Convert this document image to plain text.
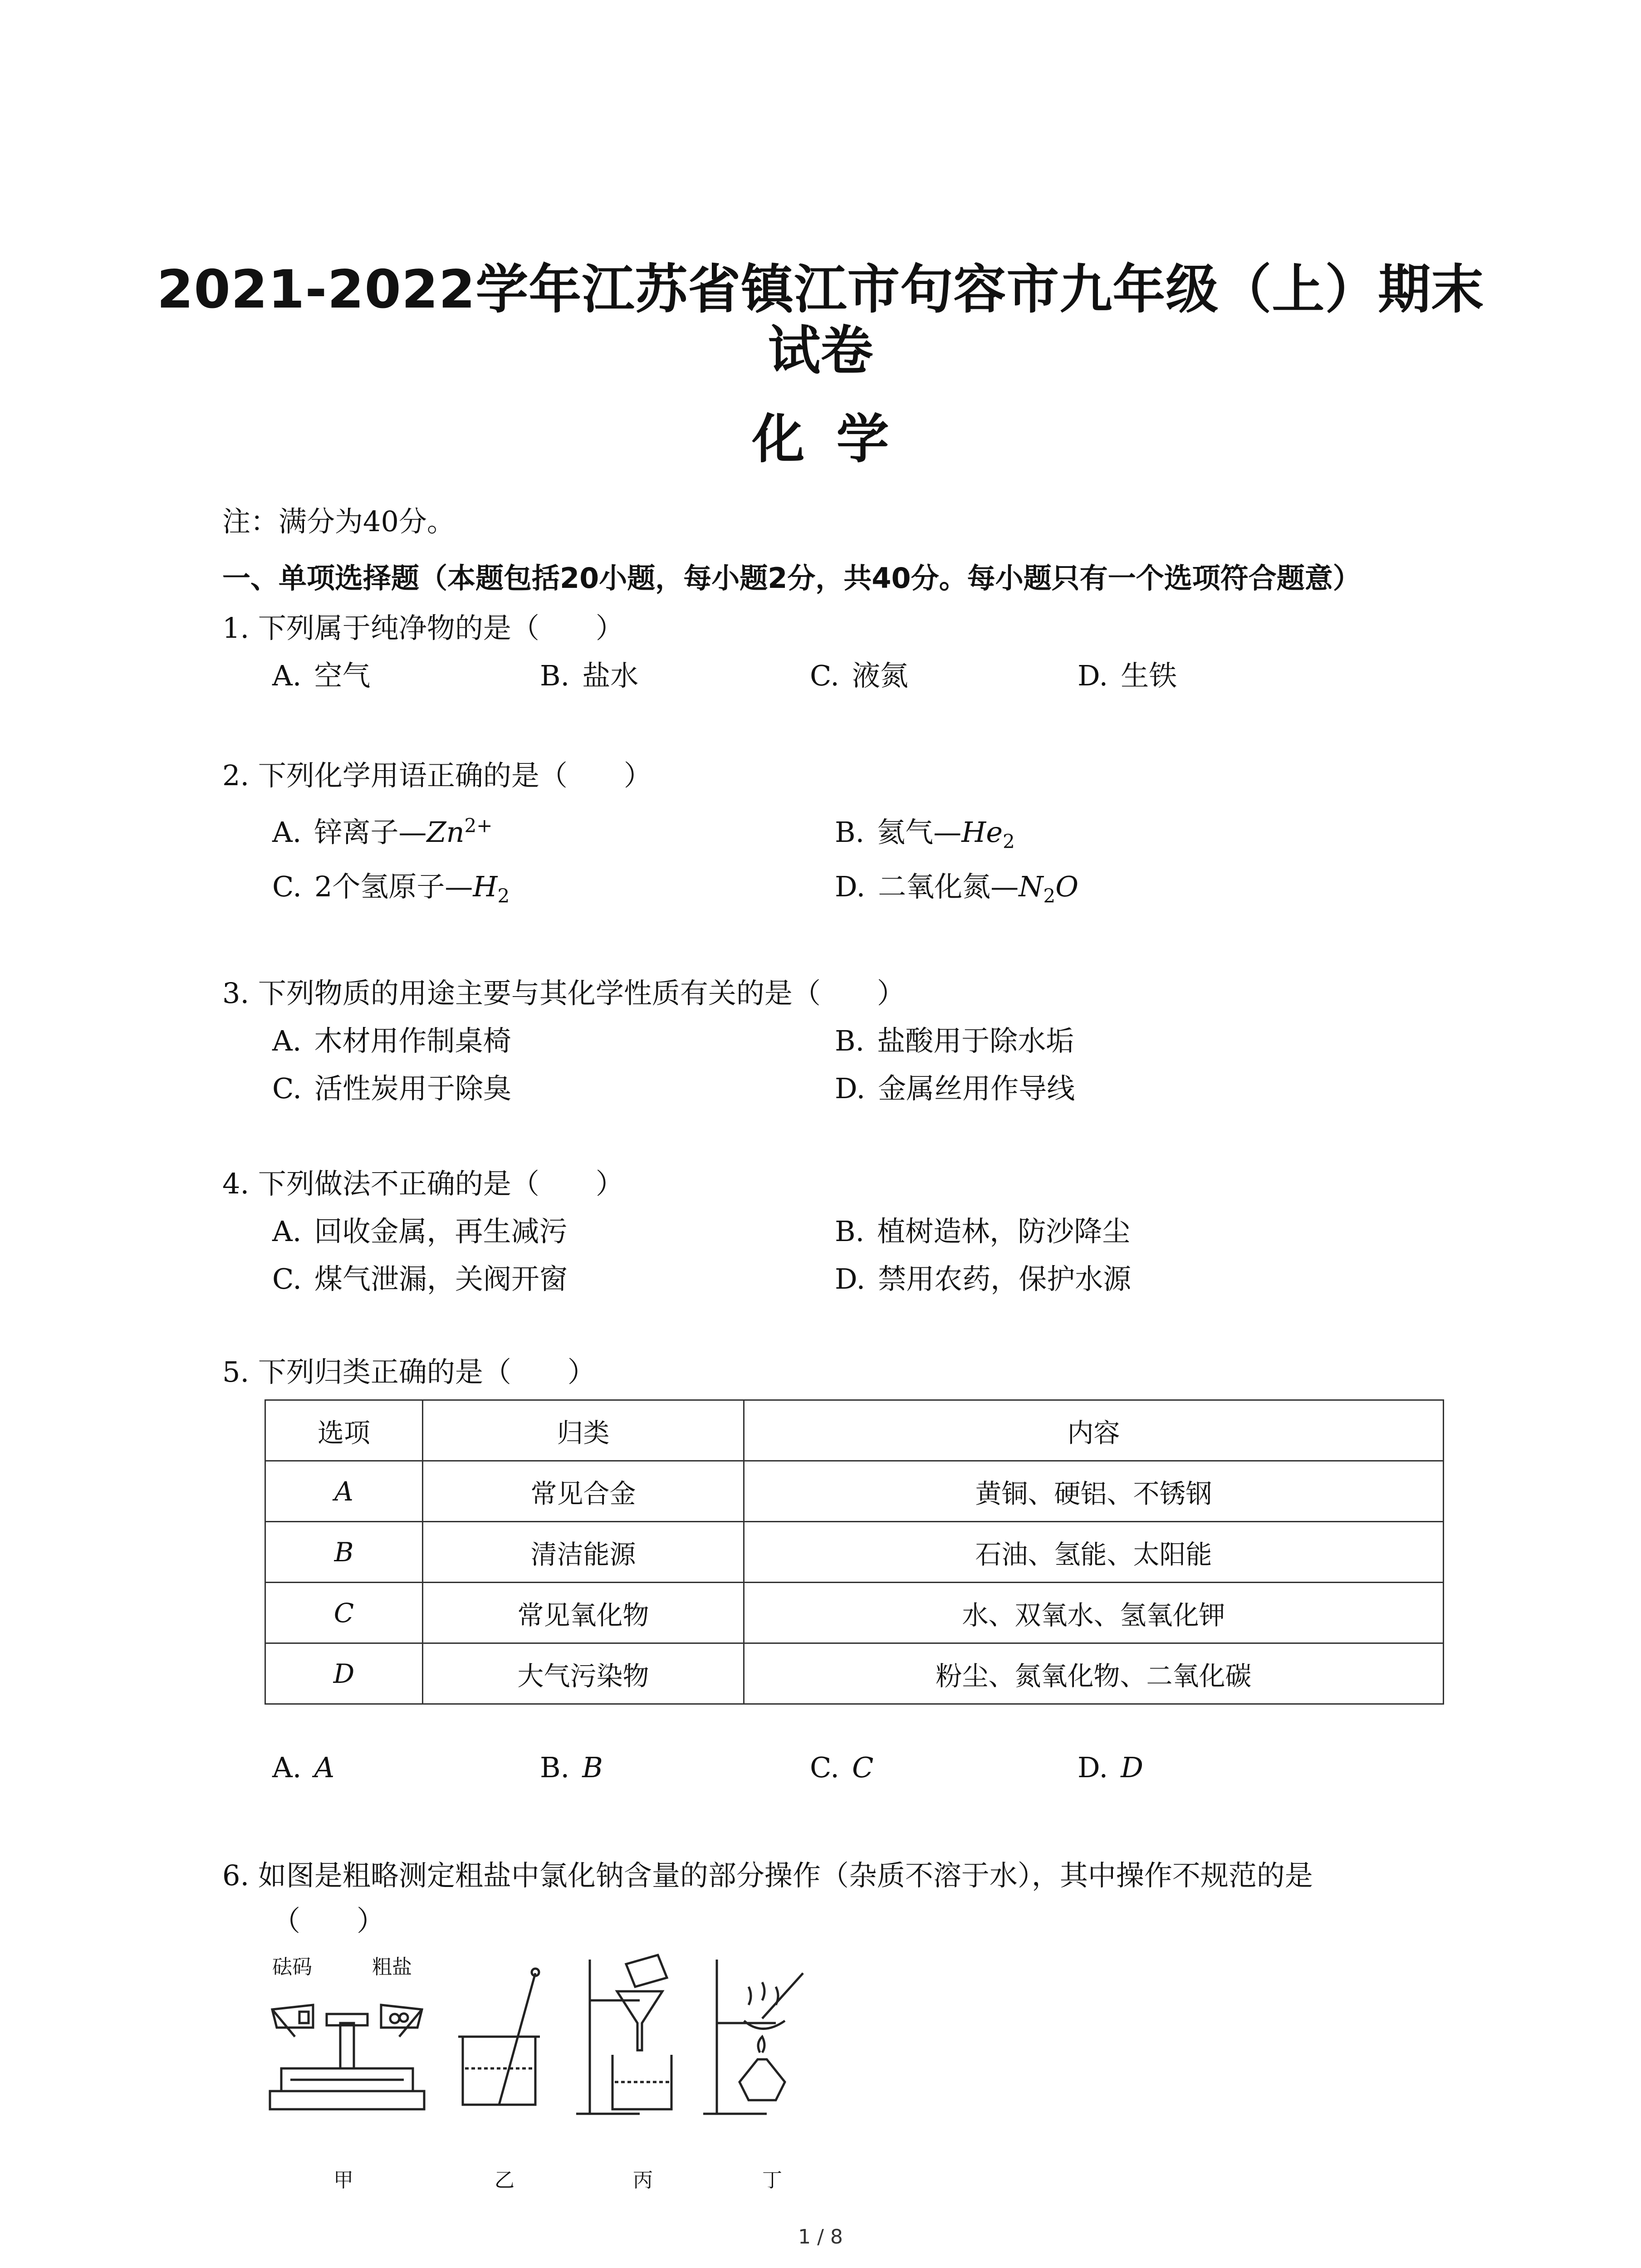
2021-2022学年江苏省镇江市句容市九年级（上）期末
试卷
化学
注：满分为40分。
一、单项选择题（本题包括20小题，每小题2分，共40分。每小题只有一个选项符合题意）
1. 下列属于纯净物的是（　　）
A. 空气	B. 盐水	C. 液氮	D. 生铁
2. 下列化学用语正确的是（　　）
A. 锌离子$—Zn^{2+}$	B. 氦气$—He_2$
C. 2个氢原子$—H_2$	D. 二氧化氮$—N_2O$
3. 下列物质的用途主要与其化学性质有关的是（　　）
A. 木材用作制桌椅	B. 盐酸用于除水垢
C. 活性炭用于除臭	D. 金属丝用作导线
4. 下列做法不正确的是（　　）
A. 回收金属，再生减污	B. 植树造林，防沙降尘
C. 煤气泄漏，关阀开窗	D. 禁用农药，保护水源
5. 下列归类正确的是（　　）
选项	归类	内容
A	常见合金	黄铜、硬铝、不锈钢
B	清洁能源	石油、氢能、太阳能
C	常见氧化物	水、双氧水、氢氧化钾
D	大气污染物	粉尘、氮氧化物、二氧化碳
A. A	B. B	C. C	D. D
6. 如图是粗略测定粗盐中氯化钠含量的部分操作（杂质不溶于水），其中操作不规范的是
（　　）
砝码	粗盐
甲	乙	丙	丁
1 / 8
